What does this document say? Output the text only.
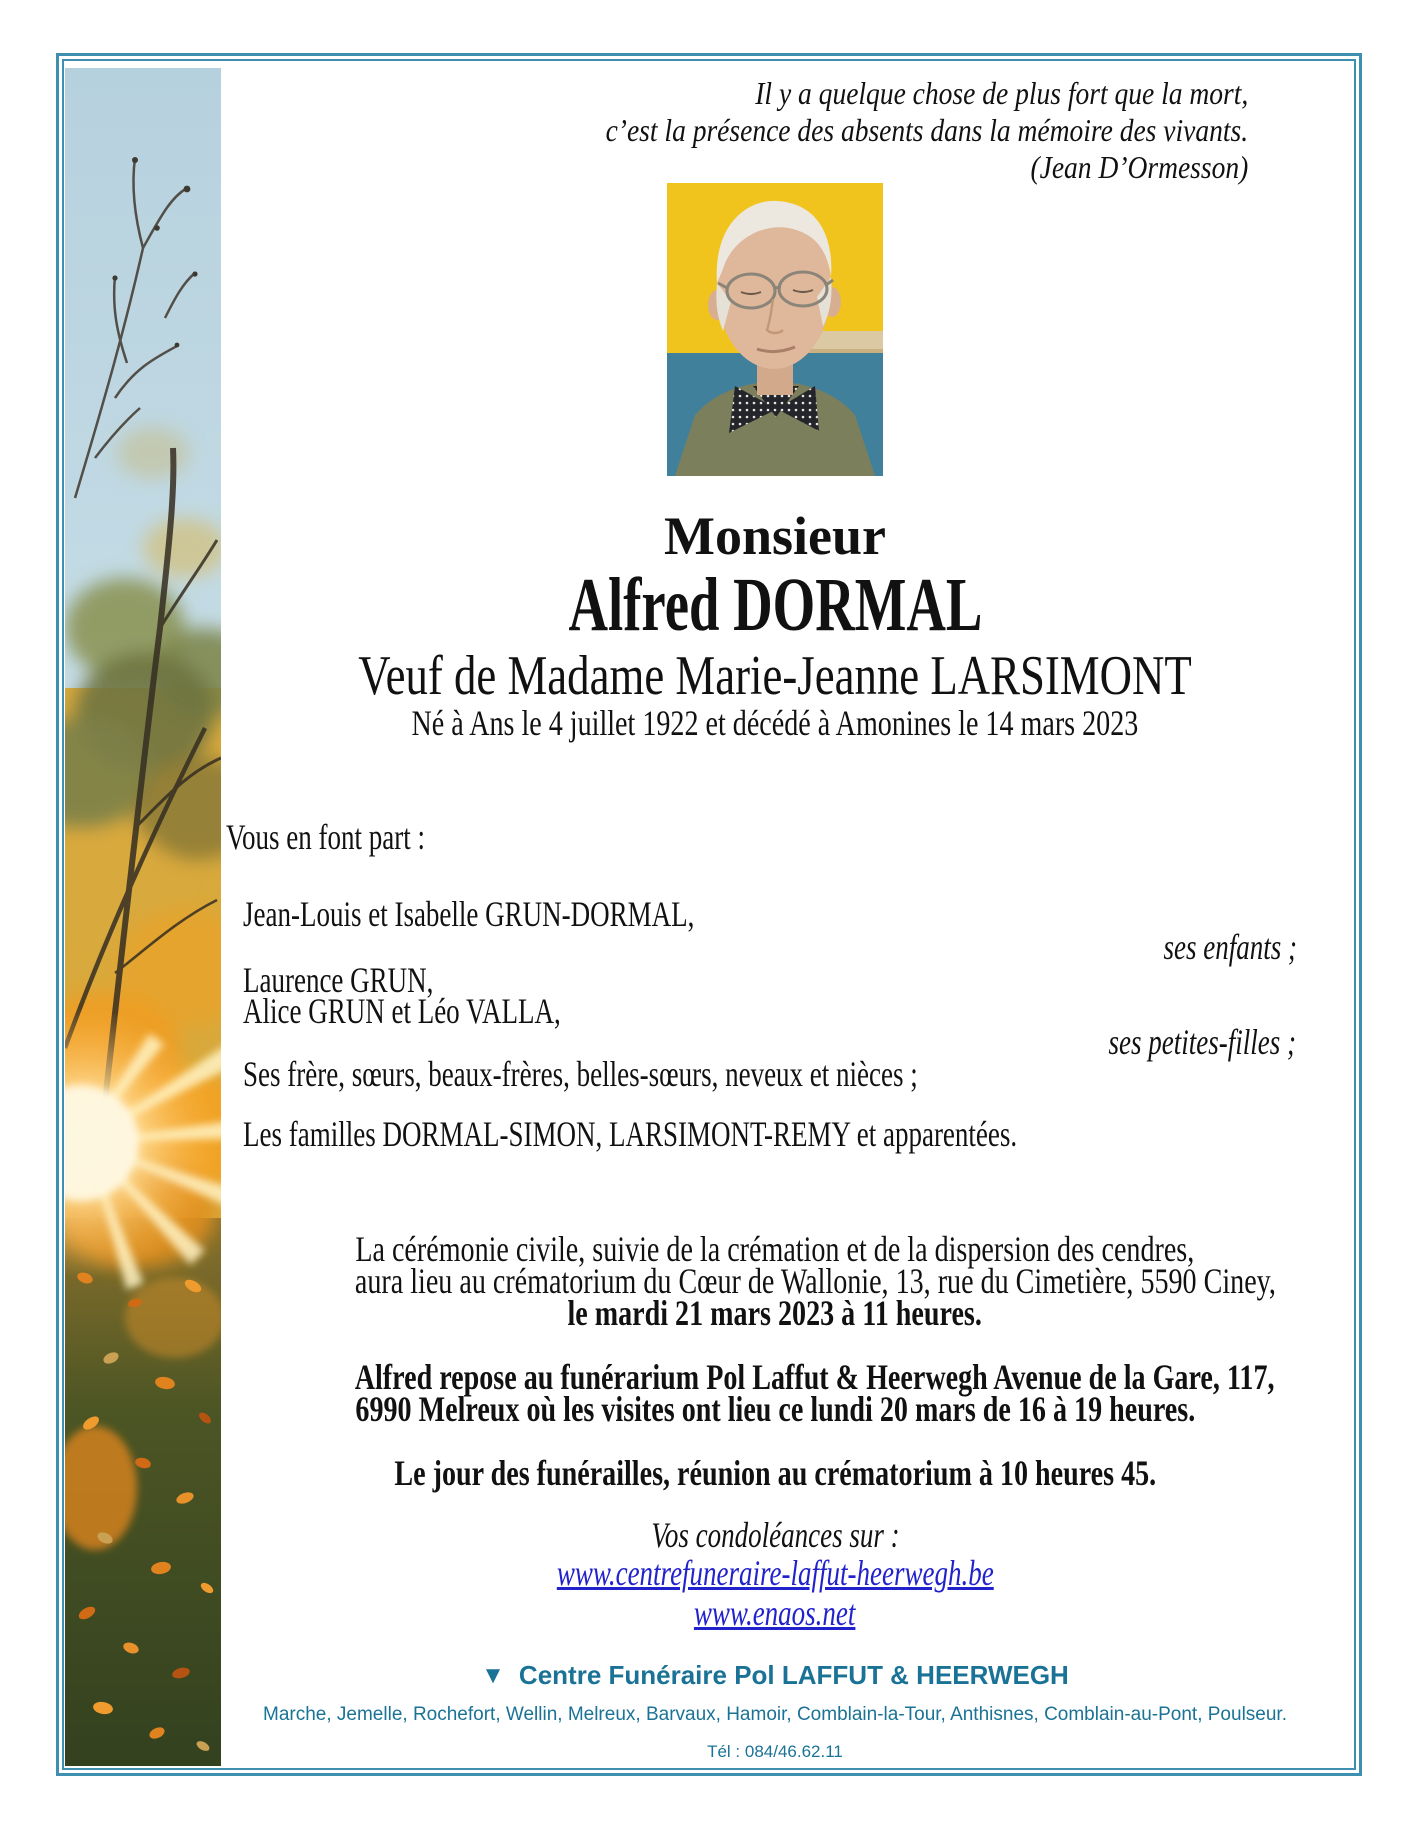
Il y a quelque chose de plus fort que la mort,
c’est la présence des absents dans la mémoire des vivants.
(Jean D’Ormesson)
Monsieur
Alfred DORMAL
Veuf de Madame Marie-Jeanne LARSIMONT
Né à Ans le 4 juillet 1922 et décédé à Amonines le 14 mars 2023
Vous en font part :
Jean-Louis et Isabelle GRUN-DORMAL,
ses enfants ;
Laurence GRUN,
Alice GRUN et Léo VALLA,
ses petites-filles ;
Ses frère, sœurs, beaux-frères, belles-sœurs, neveux et nièces ;
Les familles DORMAL-SIMON, LARSIMONT-REMY et apparentées.
La cérémonie civile, suivie de la crémation et de la dispersion des cendres,
aura lieu au crématorium du Cœur de Wallonie, 13, rue du Cimetière, 5590 Ciney,
le mardi 21 mars 2023 à 11 heures.
Alfred repose au funérarium Pol Laffut & Heerwegh Avenue de la Gare, 117,
6990 Melreux où les visites ont lieu ce lundi 20 mars de 16 à 19 heures.
Le jour des funérailles, réunion au crématorium à 10 heures 45.
Vos condoléances sur :
www.centrefuneraire-laffut-heerwegh.be
www.enaos.net
▼ Centre Funéraire Pol LAFFUT & HEERWEGH
Marche, Jemelle, Rochefort, Wellin, Melreux, Barvaux, Hamoir, Comblain-la-Tour, Anthisnes, Comblain-au-Pont, Poulseur.
Tél : 084/46.62.11
